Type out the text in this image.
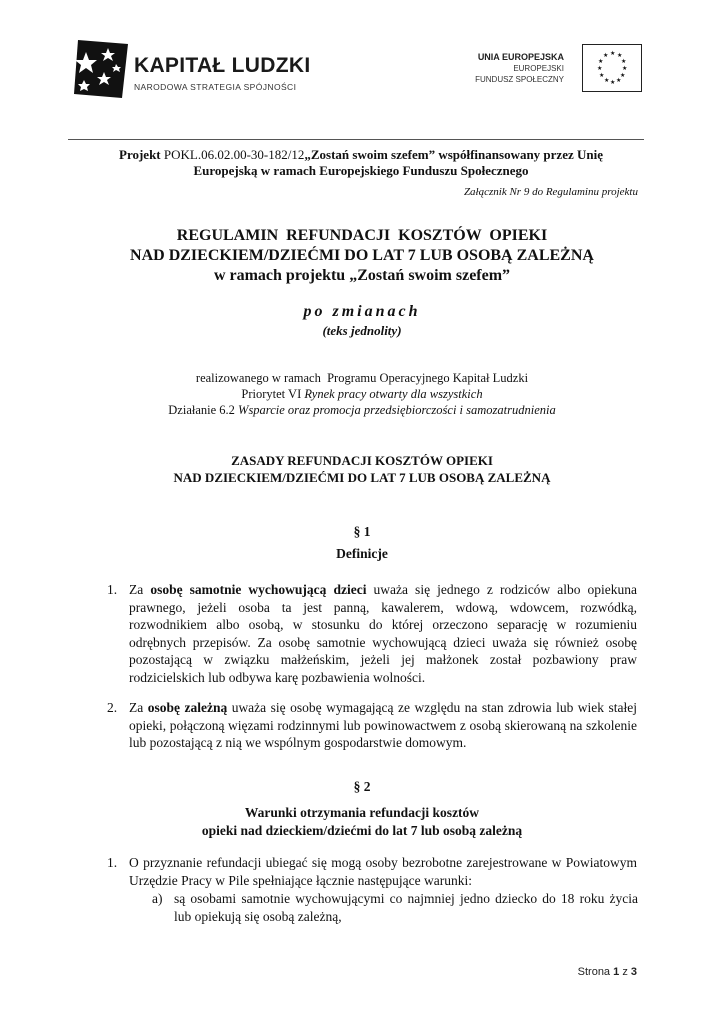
KAPITAŁ LUDZKI
NARODOWA STRATEGIA SPÓJNOŚCI
UNIA EUROPEJSKA
EUROPEJSKI
FUNDUSZ SPOŁECZNY
★ ★
★
★
★
★
★
★
★
★
★
★
Projekt POKL.06.02.00-30-182/12„Zostań swoim szefem” współfinansowany przez Unię
Europejską w ramach Europejskiego Funduszu Społecznego
Załącznik Nr 9 do Regulaminu projektu
REGULAMIN  REFUNDACJI  KOSZTÓW  OPIEKI
NAD DZIECKIEM/DZIEĆMI DO LAT 7 LUB OSOBĄ ZALEŻNĄ
w ramach projektu „Zostań swoim szefem”
po zmianach
(teks jednolity)
realizowanego w ramach  Programu Operacyjnego Kapitał Ludzki
Priorytet VI Rynek pracy otwarty dla wszystkich
Działanie 6.2 Wsparcie oraz promocja przedsiębiorczości i samozatrudnienia
ZASADY REFUNDACJI KOSZTÓW OPIEKI
NAD DZIECKIEM/DZIEĆMI DO LAT 7 LUB OSOBĄ ZALEŻNĄ
§ 1
Definicje
1. Za osobę samotnie wychowującą dzieci uważa się jednego z rodziców albo opiekuna prawnego, jeżeli osoba ta jest panną, kawalerem, wdową, wdowcem, rozwódką, rozwodnikiem albo osobą, w stosunku do której orzeczono separację w rozumieniu odrębnych przepisów. Za osobę samotnie wychowującą dzieci uważa się również osobę pozostającą w związku małżeńskim, jeżeli jej małżonek został pozbawiony praw rodzicielskich lub odbywa karę pozbawienia wolności.
2. Za osobę zależną uważa się osobę wymagającą ze względu na stan zdrowia lub wiek stałej opieki, połączoną więzami rodzinnymi lub powinowactwem z osobą skierowaną na szkolenie lub pozostającą z nią we wspólnym gospodarstwie domowym.
§ 2
Warunki otrzymania refundacji kosztów
opieki nad dzieckiem/dziećmi do lat 7 lub osobą zależną
1. O przyznanie refundacji ubiegać się mogą osoby bezrobotne zarejestrowane w Powiatowym Urzędzie Pracy w Pile spełniające łącznie następujące warunki:
a) są osobami samotnie wychowującymi co najmniej jedno dziecko do 18 roku życia lub opiekują się osobą zależną,
Strona 1 z 3
